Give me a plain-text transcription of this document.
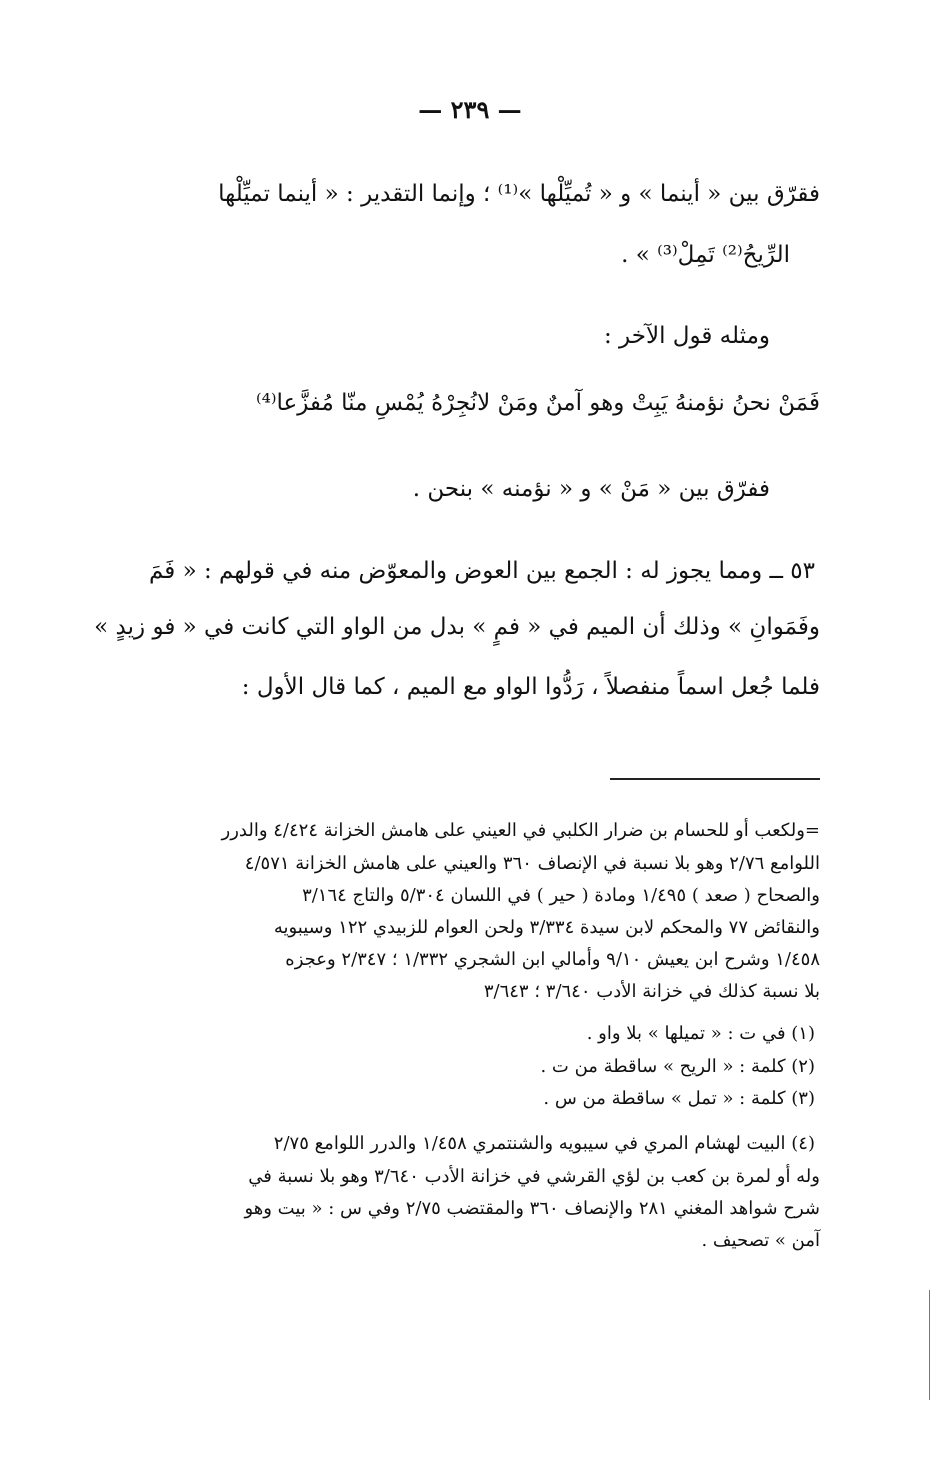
— ٢٣٩ —
فقرّق بين « أينما » و « تُميِّلْها »⁽¹⁾ ؛ وإنما التقدير : « أينما تميِّلْها
الرِّيحُ⁽²⁾ تَمِلْ⁽³⁾ » .
ومثله قول الآخر :
فَمَنْ نحنُ نؤمنهُ يَبِتْ وهو آمنٌ ومَنْ لانُجِرْهُ يُمْسِ منّا مُفزَّعا⁽⁴⁾
ففرّق بين « مَنْ » و « نؤمنه » بنحن .
٥٣ ــ ومما يجوز له : الجمع بين العوض والمعوّض منه في قولهم : « فَمَ
وفَمَوانِ » وذلك أن الميم في « فمٍ » بدل من الواو التي كانت في « فو زيدٍ »
فلما جُعل اسماً منفصلاً ، رَدُّوا الواو مع الميم ، كما قال الأول :
=ولكعب أو للحسام بن ضرار الكلبي في العيني على هامش الخزانة ٤/٤٢٤ والدرر
اللوامع ٢/٧٦ وهو بلا نسبة في الإنصاف ٣٦٠ والعيني على هامش الخزانة ٤/٥٧١
والصحاح ( صعد ) ١/٤٩٥ ومادة ( حير ) في اللسان ٥/٣٠٤ والتاج ٣/١٦٤
والنقائض ٧٧ والمحكم لابن سيدة ٣/٣٣٤ ولحن العوام للزبيدي ١٢٢ وسيبويه
١/٤٥٨ وشرح ابن يعيش ٩/١٠ وأمالي ابن الشجري ١/٣٣٢ ؛ ٢/٣٤٧ وعجزه
بلا نسبة كذلك في خزانة الأدب ٣/٦٤٠ ؛ ٣/٦٤٣
(١) في ت : « تميلها » بلا واو .
(٢) كلمة : « الريح » ساقطة من ت .
(٣) كلمة : « تمل » ساقطة من س .
(٤) البيت لهشام المري في سيبويه والشنتمري ١/٤٥٨ والدرر اللوامع ٢/٧٥
وله أو لمرة بن كعب بن لؤي القرشي في خزانة الأدب ٣/٦٤٠ وهو بلا نسبة في
شرح شواهد المغني ٢٨١ والإنصاف ٣٦٠ والمقتضب ٢/٧٥ وفي س : « بيت وهو
آمن » تصحيف .
